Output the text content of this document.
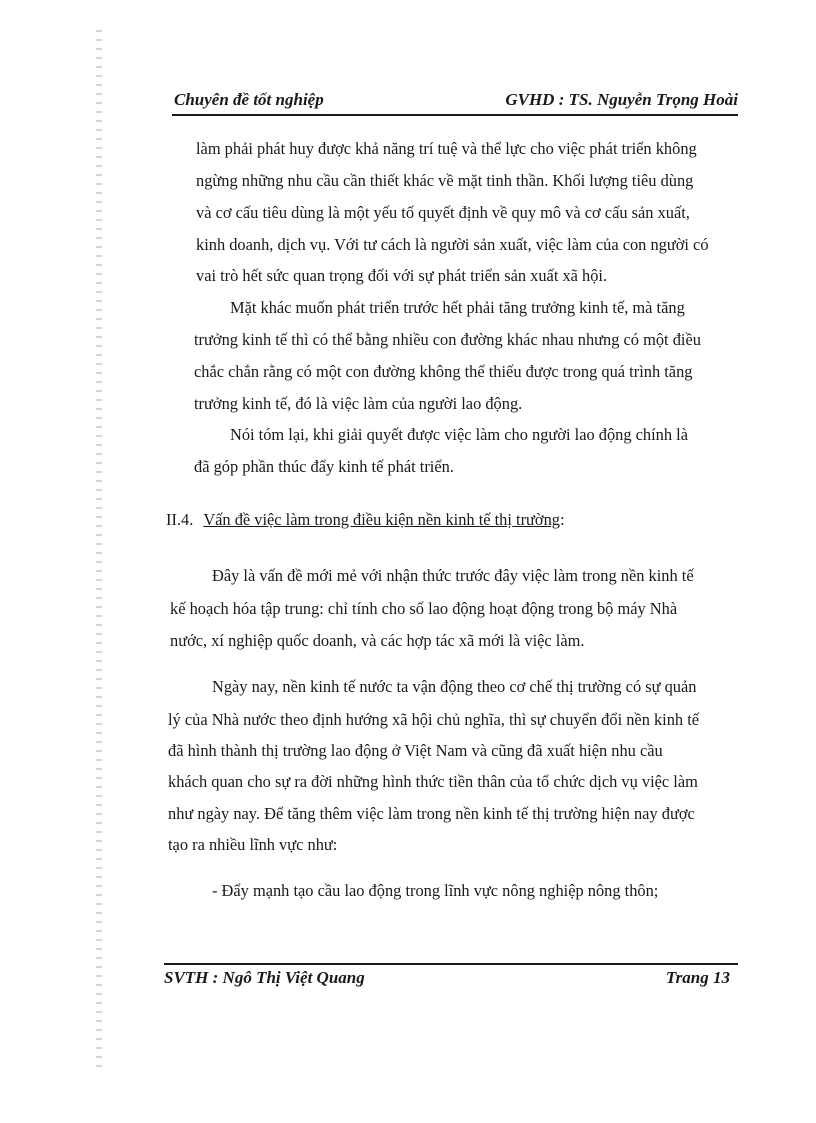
Chuyên đề tốt nghiệp	GVHD : TS. Nguyễn Trọng Hoài
làm phải phát huy được khả năng trí tuệ và thể lực cho việc phát triển không
ngừng những nhu cầu cần thiết khác về mặt tinh thần. Khối lượng tiêu dùng
và cơ cấu tiêu dùng là một yếu tố quyết định về quy mô và cơ cấu sản xuất,
kinh doanh, dịch vụ. Với tư cách là người sản xuất, việc làm của con người có
vai trò hết sức quan trọng đối với sự phát triển sản xuất xã hội.
Mặt khác muốn phát triển trước hết phải tăng trưởng kinh tế, mà tăng
trưởng kinh tế thì có thể bằng nhiều con đường khác nhau nhưng có một điều
chắc chắn rằng có một con đường không thể thiếu được trong quá trình tăng
trưởng kinh tế, đó là việc làm của người lao động.
Nói tóm lại, khi giải quyết được việc làm cho người lao động chính là
đã góp phần thúc đẩy kinh tế phát triển.
II.4. Vấn đề việc làm trong điều kiện nền kinh tế thị trường:
Đây là vấn đề mới mẻ với nhận thức trước đây việc làm trong nền kinh tế
kế hoạch hóa tập trung: chỉ tính cho số lao động hoạt động trong bộ máy Nhà
nước, xí nghiệp quốc doanh, và các hợp tác xã mới là việc làm.
Ngày nay, nền kinh tế nước ta vận động theo cơ chế thị trường có sự quản
lý của Nhà nước theo định hướng xã hội chủ nghĩa, thì sự chuyển đổi nền kinh tế
đã hình thành thị trường lao động ở Việt Nam và cũng đã xuất hiện nhu cầu
khách quan cho sự ra đời những hình thức tiền thân của tổ chức dịch vụ việc làm
như ngày nay. Để tăng thêm việc làm trong nền kinh tế thị trường hiện nay được
tạo ra nhiều lĩnh vực như:
- Đẩy mạnh tạo cầu lao động trong lĩnh vực nông nghiệp nông thôn;
SVTH : Ngô Thị Việt Quang	Trang 13
